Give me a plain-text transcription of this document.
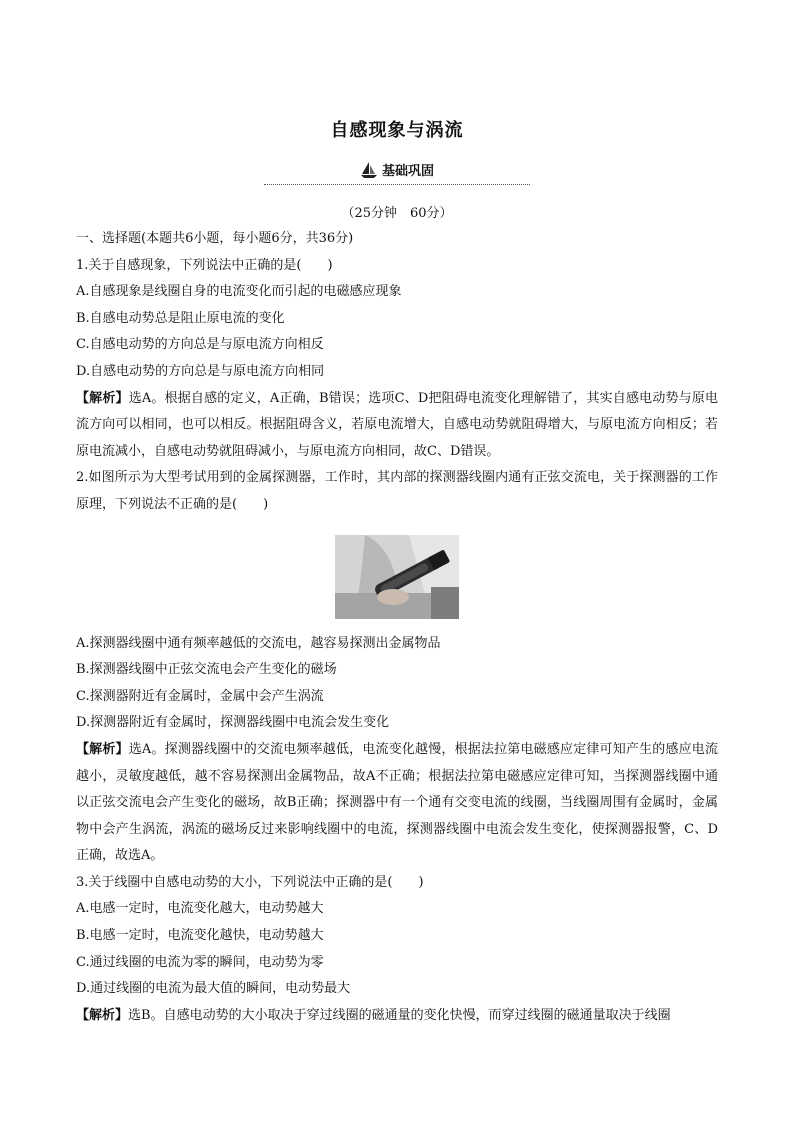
自感现象与涡流
基础巩固
（25分钟　60分）
一、选择题(本题共6小题，每小题6分，共36分)
1.关于自感现象，下列说法中正确的是(　　)
A.自感现象是线圈自身的电流变化而引起的电磁感应现象
B.自感电动势总是阻止原电流的变化
C.自感电动势的方向总是与原电流方向相反
D.自感电动势的方向总是与原电流方向相同
【解析】选A。根据自感的定义，A正确，B错误；选项C、D把阻碍电流变化理解错了，其实自感电动势与原电流方向可以相同，也可以相反。根据阻碍含义，若原电流增大，自感电动势就阻碍增大，与原电流方向相反；若原电流减小，自感电动势就阻碍减小，与原电流方向相同，故C、D错误。
2.如图所示为大型考试用到的金属探测器，工作时，其内部的探测器线圈内通有正弦交流电，关于探测器的工作原理，下列说法不正确的是(　　)
A.探测器线圈中通有频率越低的交流电，越容易探测出金属物品
B.探测器线圈中正弦交流电会产生变化的磁场
C.探测器附近有金属时，金属中会产生涡流
D.探测器附近有金属时，探测器线圈中电流会发生变化
【解析】选A。探测器线圈中的交流电频率越低，电流变化越慢，根据法拉第电磁感应定律可知产生的感应电流越小，灵敏度越低，越不容易探测出金属物品，故A不正确；根据法拉第电磁感应定律可知，当探测器线圈中通以正弦交流电会产生变化的磁场，故B正确；探测器中有一个通有交变电流的线圈，当线圈周围有金属时，金属物中会产生涡流，涡流的磁场反过来影响线圈中的电流，探测器线圈中电流会发生变化，使探测器报警，C、D正确，故选A。
3.关于线圈中自感电动势的大小，下列说法中正确的是(　　)
A.电感一定时，电流变化越大，电动势越大
B.电感一定时，电流变化越快，电动势越大
C.通过线圈的电流为零的瞬间，电动势为零
D.通过线圈的电流为最大值的瞬间，电动势最大
【解析】选B。自感电动势的大小取决于穿过线圈的磁通量的变化快慢，而穿过线圈的磁通量取决于线圈
